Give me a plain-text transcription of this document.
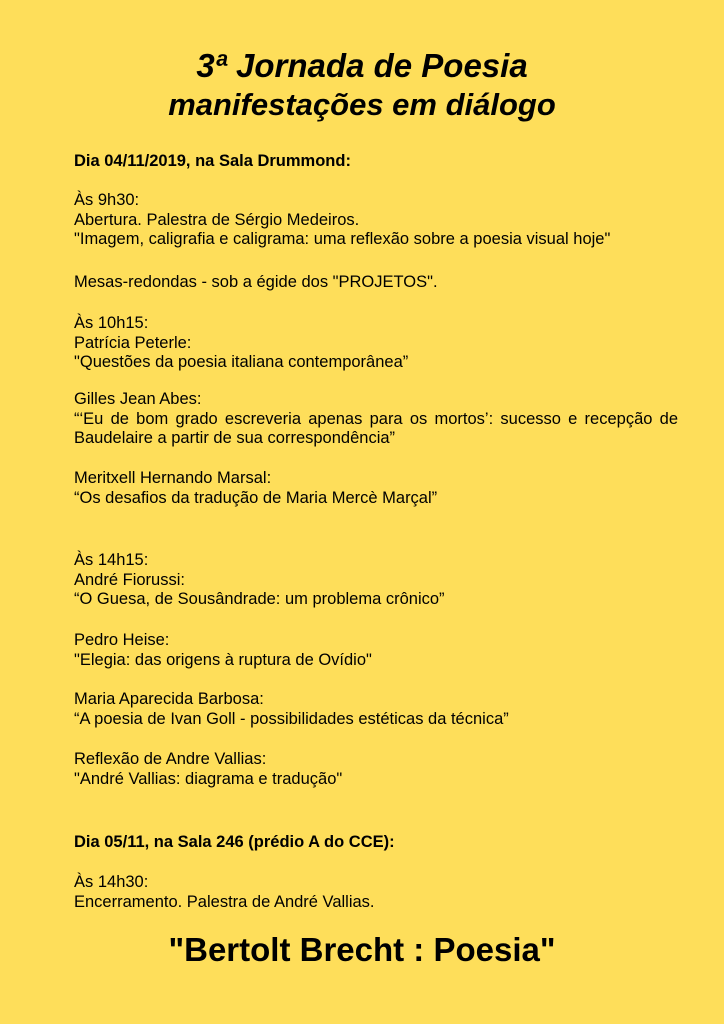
3ª Jornada de Poesia
manifestações em diálogo

Dia 04/11/2019, na Sala Drummond:

Às 9h30:

Abertura. Palestra de Sérgio Medeiros.

"Imagem, caligrafia e caligrama: uma reflexão sobre a poesia visual hoje"

Mesas-redondas - sob a égide dos "PROJETOS".

Às 10h15:

Patrícia Peterle:

"Questões da poesia italiana contemporânea”

Gilles Jean Abes:

“‘Eu de bom grado escreveria apenas para os mortos’: sucesso e recepção de Baudelaire a partir de sua correspondência”

Meritxell Hernando Marsal:

“Os desafios da tradução de Maria Mercè Marçal”

Às 14h15:

André Fiorussi:

“O Guesa, de Sousândrade: um problema crônico”

Pedro Heise:

"Elegia: das origens à ruptura de Ovídio"

Maria Aparecida Barbosa:

“A poesia de Ivan Goll - possibilidades estéticas da técnica”

Reflexão de Andre Vallias:

"André Vallias: diagrama e tradução"

Dia 05/11, na Sala 246 (prédio A do CCE):

Às 14h30:

Encerramento. Palestra de André Vallias.

"Bertolt Brecht : Poesia"
